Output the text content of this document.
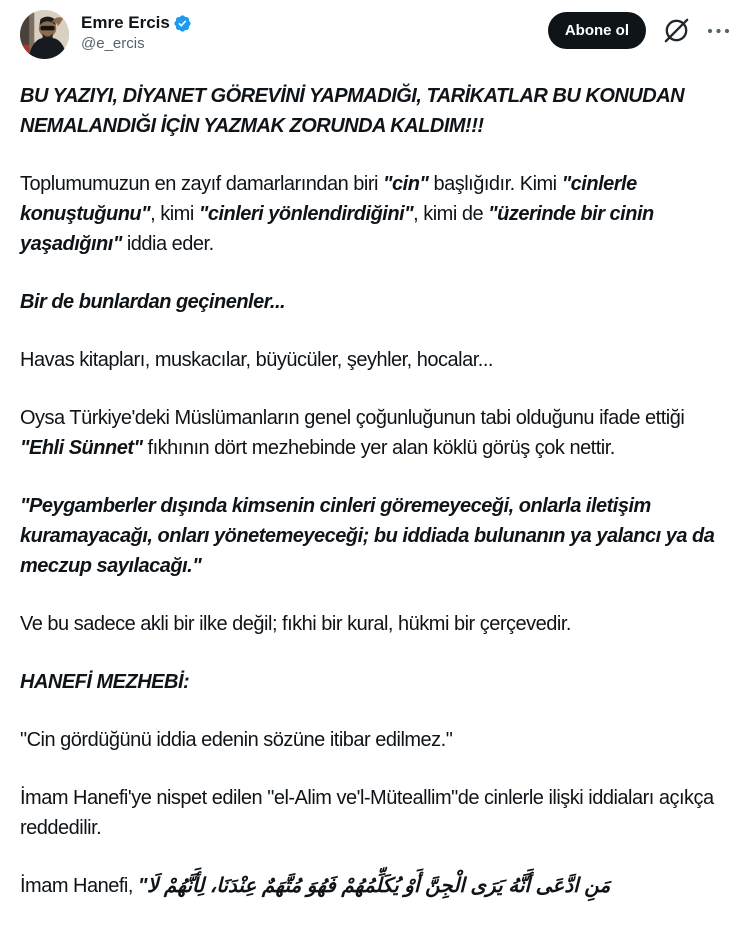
Emre Ercis
@e_ercis
Abone ol

BU YAZIYI, DİYANET GÖREVİNİ YAPMADIĞI, TARİKATLAR BU KONUDAN NEMALANDIĞI İÇİN YAZMAK ZORUNDA KALDIM!!!

Toplumumuzun en zayıf damarlarından biri "cin" başlığıdır. Kimi "cinlerle konuştuğunu", kimi "cinleri yönlendirdiğini", kimi de "üzerinde bir cinin yaşadığını" iddia eder.

Bir de bunlardan geçinenler...

Havas kitapları, muskacılar, büyücüler, şeyhler, hocalar...

Oysa Türkiye'deki Müslümanların genel çoğunluğunun tabi olduğunu ifade ettiği "Ehli Sünnet" fıkhının dört mezhebinde yer alan köklü görüş çok nettir.

"Peygamberler dışında kimsenin cinleri göremeyeceği, onlarla iletişim kuramayacağı, onları yönetemeyeceği; bu iddiada bulunanın ya yalancı ya da meczup sayılacağı."

Ve bu sadece akli bir ilke değil; fıkhi bir kural, hükmi bir çerçevedir.

HANEFİ MEZHEBİ:

"Cin gördüğünü iddia edenin sözüne itibar edilmez."

İmam Hanefi'ye nispet edilen "el-Alim ve'l-Müteallim"de cinlerle ilişki iddiaları açıkça reddedilir.

İmam Hanefi, "مَنِ ادَّعَى أَنَّهُ يَرَى الْجِنَّ أَوْ يُكَلِّمُهُمْ فَهُوَ مُتَّهَمٌ عِنْدَنَا، لِأَنَّهُمْ لَا
